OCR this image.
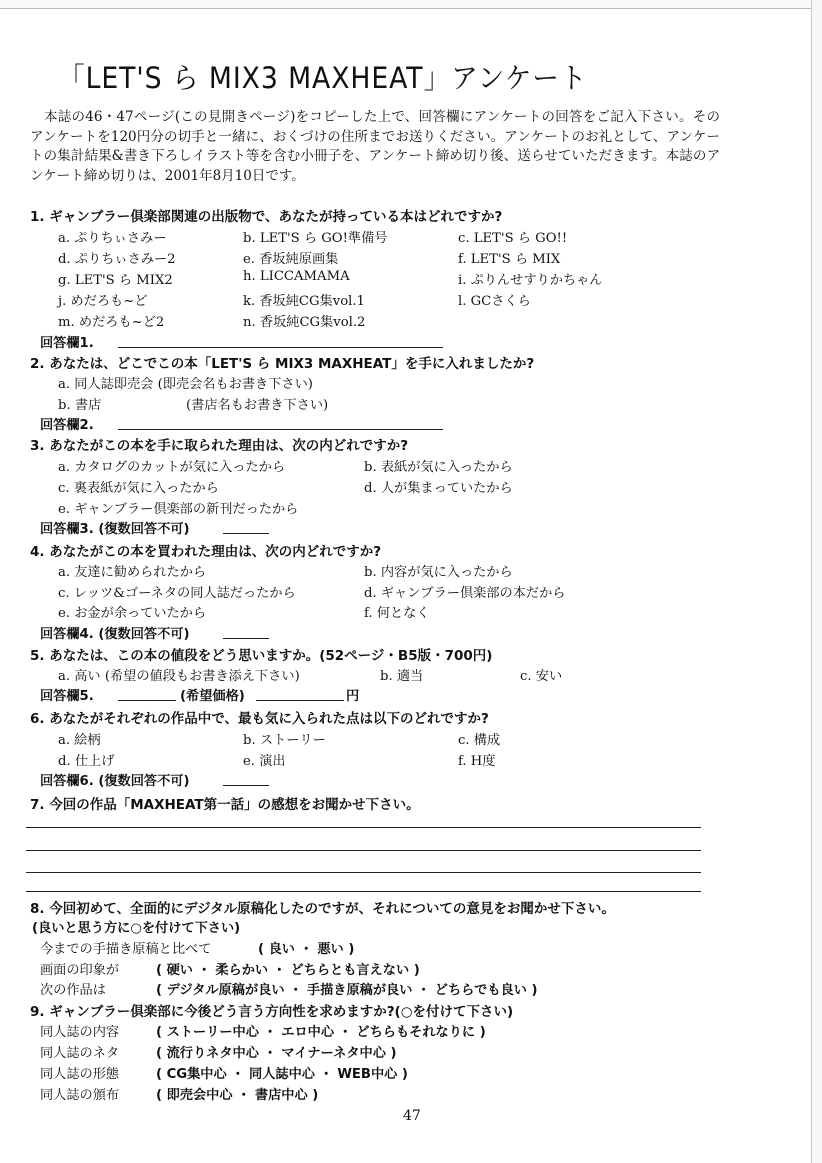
「LET'S ら MIX3 MAXHEAT」アンケート

本誌の46・47ページ(この見開きページ)をコピーした上で、回答欄にアンケートの回答をご記入下さい。そのアンケートを120円分の切手と一緒に、おくづけの住所までお送りください。アンケートのお礼として、アンケートの集計結果&書き下ろしイラスト等を含む小冊子を、アンケート締め切り後、送らせていただきます。本誌のアンケート締め切りは、2001年8月10日です。

1. ギャンブラー倶楽部関連の出版物で、あなたが持っている本はどれですか?
a. ぷりちぃさみー	b. LET'S ら GO!準備号	c. LET'S ら GO!!
d. ぷりちぃさみー2	e. 香坂純原画集	f. LET'S ら MIX
g. LET'S ら MIX2	h. LICCAMAMA	i. ぷりんせすりかちゃん
j. めだろも~ど	k. 香坂純CG集vol.1	l. GCさくら
m. めだろも~ど2	n. 香坂純CG集vol.2
回答欄1.
2. あなたは、どこでこの本「LET'S ら MIX3 MAXHEAT」を手に入れましたか?
a. 同人誌即売会 (即売会名もお書き下さい)
b. 書店	(書店名もお書き下さい)
回答欄2.
3. あなたがこの本を手に取られた理由は、次の内どれですか?
a. カタログのカットが気に入ったから	b. 表紙が気に入ったから
c. 裏表紙が気に入ったから	d. 人が集まっていたから
e. ギャンブラー倶楽部の新刊だったから
回答欄3. (復数回答不可)
4. あなたがこの本を買われた理由は、次の内どれですか?
a. 友達に勧められたから	b. 内容が気に入ったから
c. レッツ&ゴーネタの同人誌だったから	d. ギャンブラー倶楽部の本だから
e. お金が余っていたから	f. 何となく
回答欄4. (復数回答不可)
5. あなたは、この本の値段をどう思いますか。(52ページ・B5版・700円)
a. 高い (希望の値段もお書き添え下さい)	b. 適当	c. 安い
回答欄5.	(希望価格)	円
6. あなたがそれぞれの作品中で、最も気に入られた点は以下のどれですか?
a. 絵柄	b. ストーリー	c. 構成
d. 仕上げ	e. 演出	f. H度
回答欄6. (復数回答不可)
7. 今回の作品「MAXHEAT第一話」の感想をお聞かせ下さい。
8. 今回初めて、全面的にデジタル原稿化したのですが、それについての意見をお聞かせ下さい。
(良いと思う方に○を付けて下さい)
今までの手描き原稿と比べて	( 良い ・ 悪い )
画面の印象が	( 硬い ・ 柔らかい ・ どちらとも言えない )
次の作品は	( デジタル原稿が良い ・ 手描き原稿が良い ・ どちらでも良い )
9. ギャンブラー倶楽部に今後どう言う方向性を求めますか?(○を付けて下さい)
同人誌の内容	( ストーリー中心 ・ エロ中心 ・ どちらもそれなりに )
同人誌のネタ	( 流行りネタ中心 ・ マイナーネタ中心 )
同人誌の形態	( CG集中心 ・ 同人誌中心 ・ WEB中心 )
同人誌の頒布	( 即売会中心 ・ 書店中心 )
47
